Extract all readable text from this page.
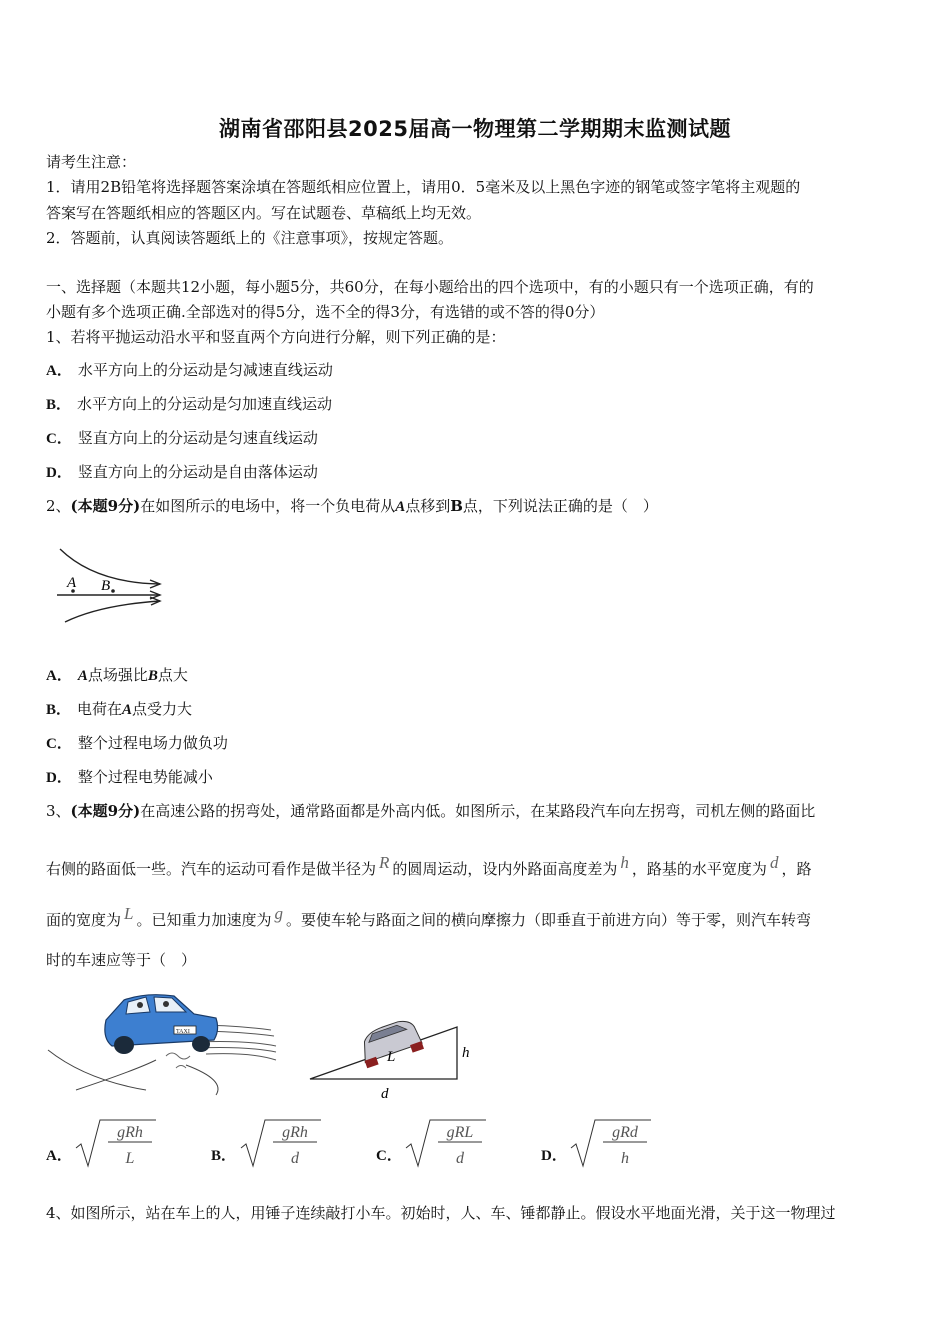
湖南省邵阳县2025届高一物理第二学期期末监测试题
请考生注意：
1．请用2B铅笔将选择题答案涂填在答题纸相应位置上，请用0．5毫米及以上黑色字迹的钢笔或签字笔将主观题的
答案写在答题纸相应的答题区内。写在试题卷、草稿纸上均无效。
2．答题前，认真阅读答题纸上的《注意事项》，按规定答题。
一、选择题（本题共12小题，每小题5分，共60分，在每小题给出的四个选项中，有的小题只有一个选项正确，有的
小题有多个选项正确.全部选对的得5分，选不全的得3分，有选错的或不答的得0分）
1、若将平抛运动沿水平和竖直两个方向进行分解，则下列正确的是：
A． 水平方向上的分运动是匀减速直线运动
B． 水平方向上的分运动是匀加速直线运动
C． 竖直方向上的分运动是匀速直线运动
D． 竖直方向上的分运动是自由落体运动
2、(本题9分)在如图所示的电场中，将一个负电荷从A点移到B点，下列说法正确的是（　）
A B
A． A点场强比B点大
B． 电荷在A点受力大
C． 整个过程电场力做负功
D． 整个过程电势能减小
3、(本题9分)在高速公路的拐弯处，通常路面都是外高内低。如图所示，在某路段汽车向左拐弯，司机左侧的路面比
右侧的路面低一些。汽车的运动可看作是做半径为 R 的圆周运动，设内外路面高度差为 h ，路基的水平宽度为 d ，路
面的宽度为 L 。已知重力加速度为 g 。要使车轮与路面之间的横向摩擦力（即垂直于前进方向）等于零，则汽车转弯
时的车速应等于（　）
TAXI
L	h
d
A．
gRh
L	B．
gRh
d	C．
gRL
d	D．
gRd
h
4、如图所示，站在车上的人，用锤子连续敲打小车。初始时，人、车、锤都静止。假设水平地面光滑，关于这一物理过
